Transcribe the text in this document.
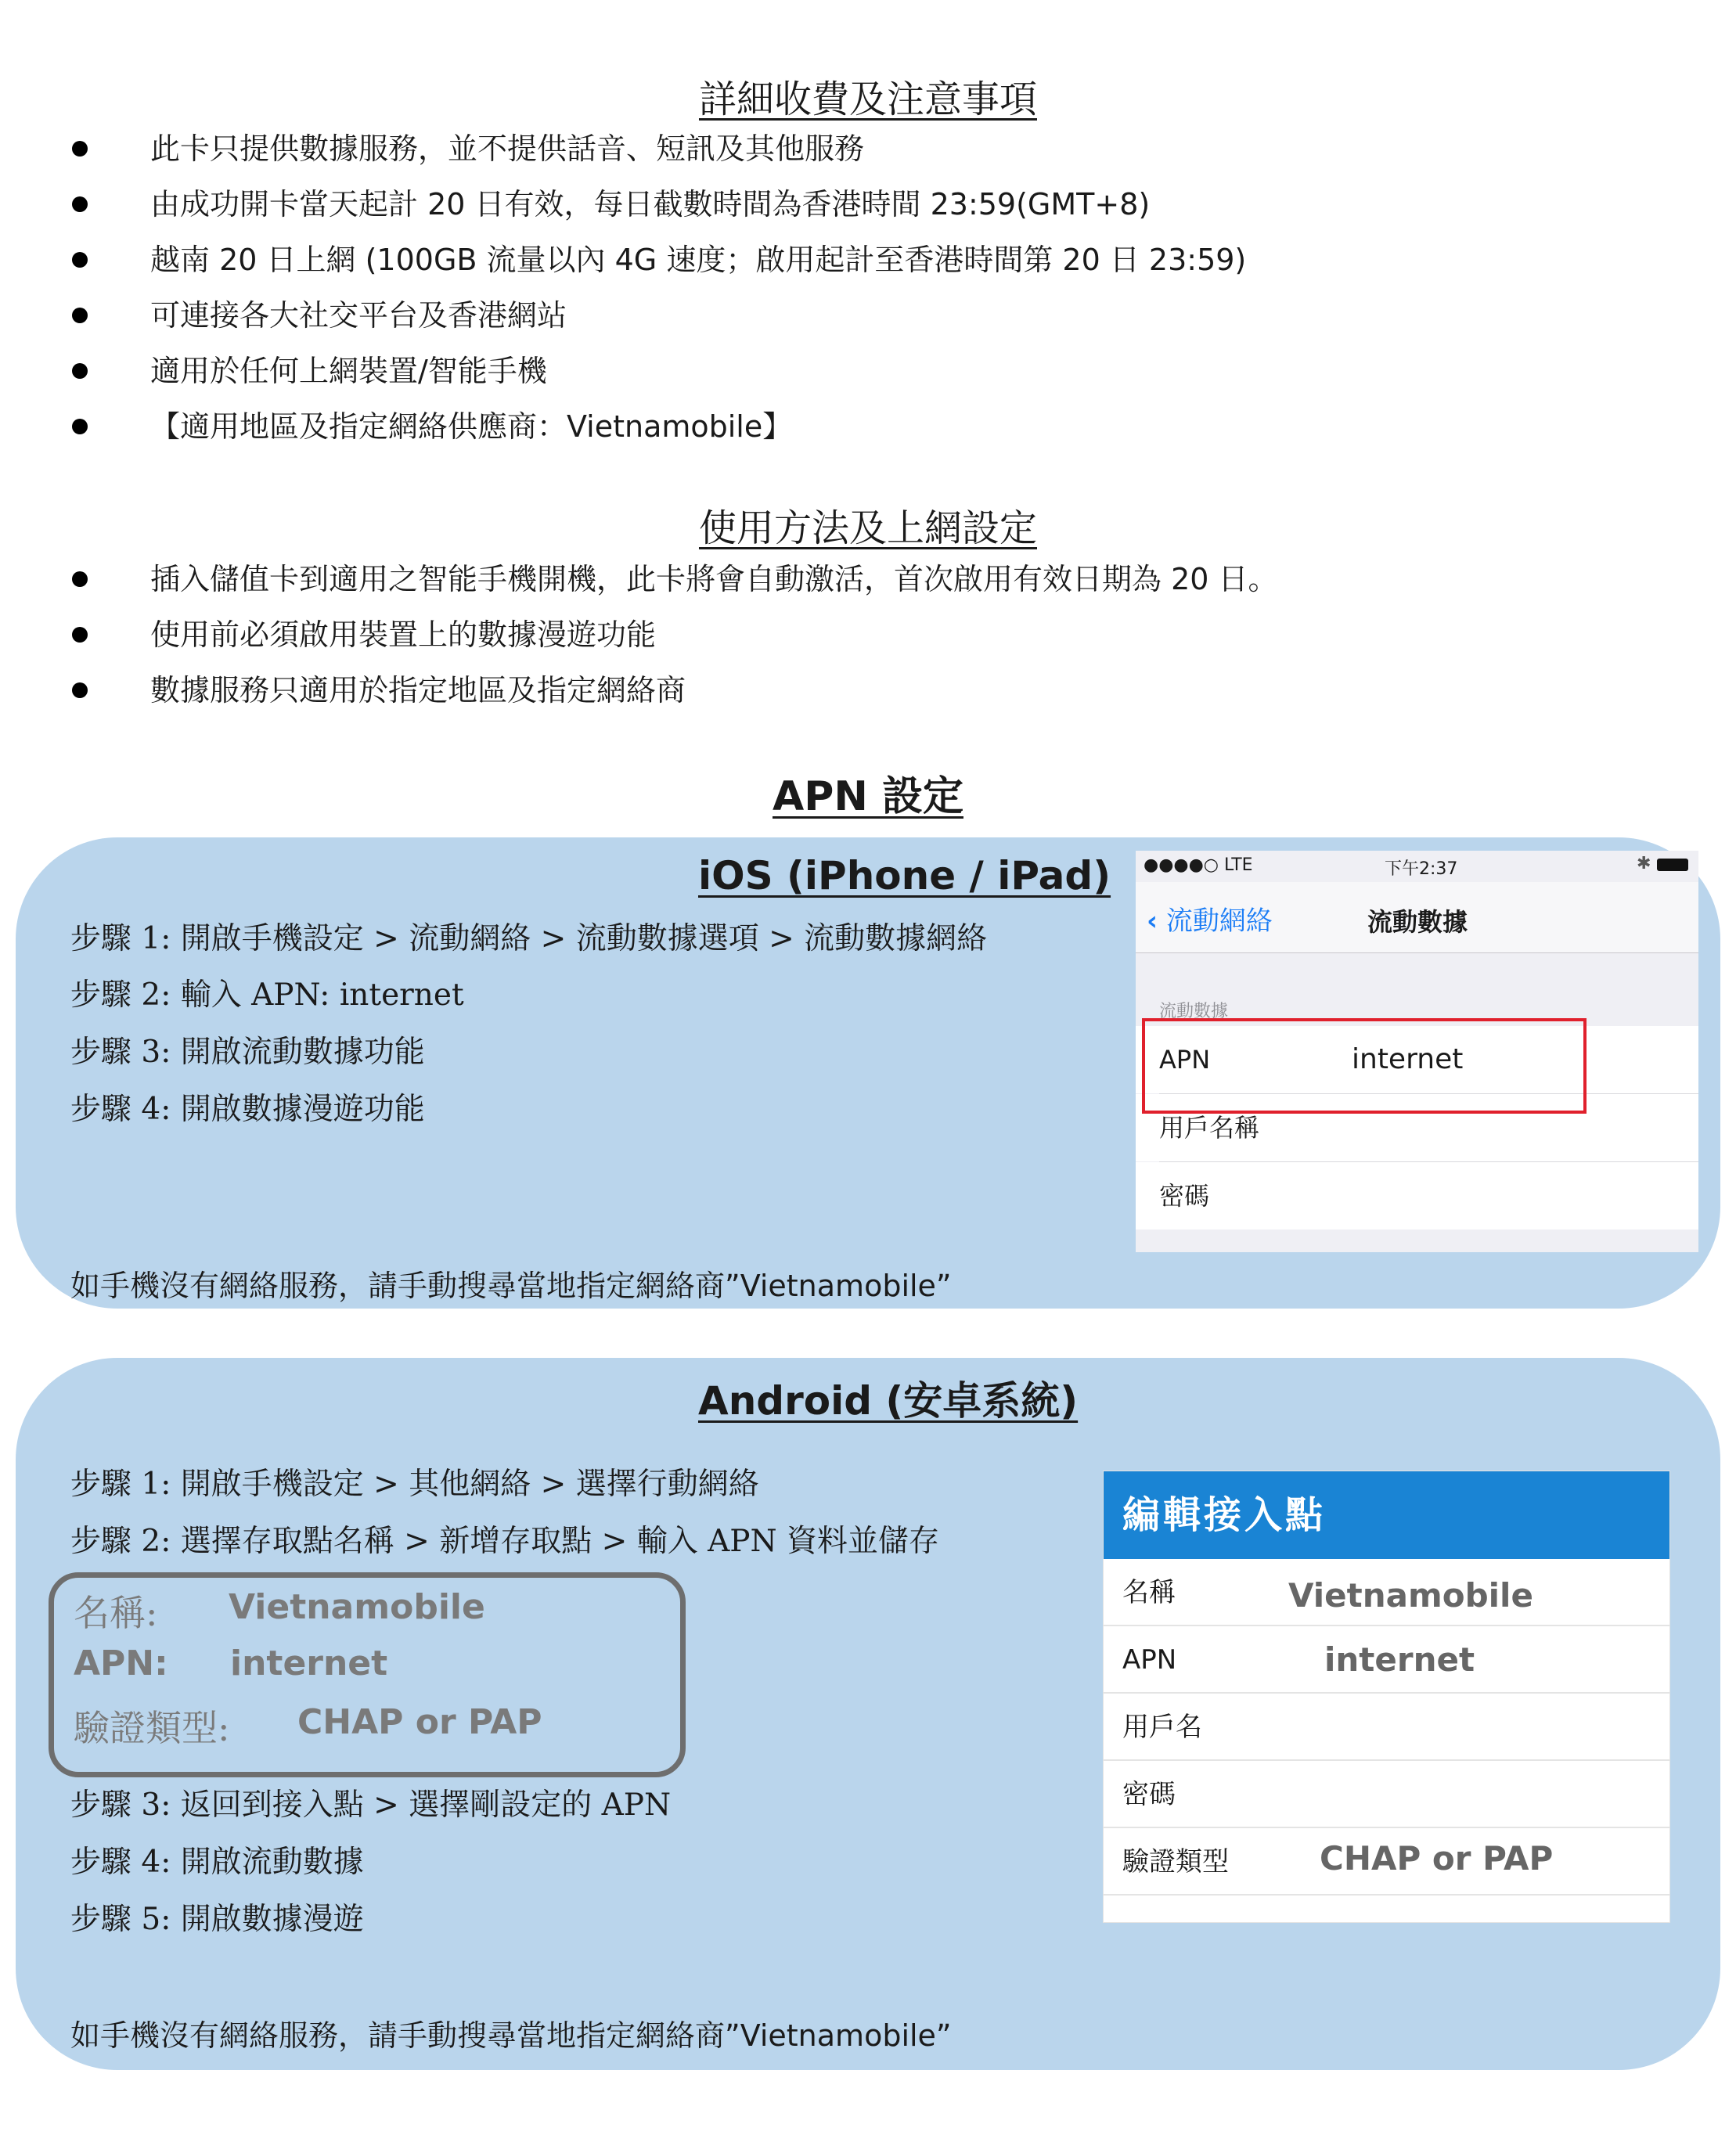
詳細收費及注意事項
此卡只提供數據服務，並不提供話音、短訊及其他服務
由成功開卡當天起計 20 日有效，每日截數時間為香港時間 23:59(GMT+8)
越南 20 日上網 (100GB 流量以內 4G 速度；啟用起計至香港時間第 20 日 23:59)
可連接各大社交平台及香港網站
適用於任何上網裝置/智能手機
【適用地區及指定網絡供應商：Vietnamobile】
使用方法及上網設定
插入儲值卡到適用之智能手機開機，此卡將會自動激活，首次啟用有效日期為 20 日。
使用前必須啟用裝置上的數據漫遊功能
數據服務只適用於指定地區及指定網絡商
APN 設定
iOS (iPhone / iPad)
步驟 1: 開啟手機設定 > 流動網絡 > 流動數據選項 > 流動數據網絡
步驟 2: 輸入 APN: internet
步驟 3: 開啟流動數據功能
步驟 4: 開啟數據漫遊功能
如手機沒有網絡服務，請手動搜尋當地指定網絡商”Vietnamobile”
●●●●○ LTE	下午2:37	✱
‹ 流動網絡	流動數據
流動數據
APN	internet
用戶名稱
密碼
Android (安卓系統)
步驟 1: 開啟手機設定 > 其他網絡 > 選擇行動網絡
步驟 2: 選擇存取點名稱 > 新增存取點 > 輸入 APN 資料並儲存
名稱: Vietnamobile
APN: internet
驗證類型: CHAP or PAP
步驟 3: 返回到接入點 > 選擇剛設定的 APN
步驟 4: 開啟流動數據
步驟 5: 開啟數據漫遊
如手機沒有網絡服務，請手動搜尋當地指定網絡商”Vietnamobile”
編輯接入點
名稱	Vietnamobile
APN	internet
用戶名
密碼
驗證類型	CHAP or PAP
